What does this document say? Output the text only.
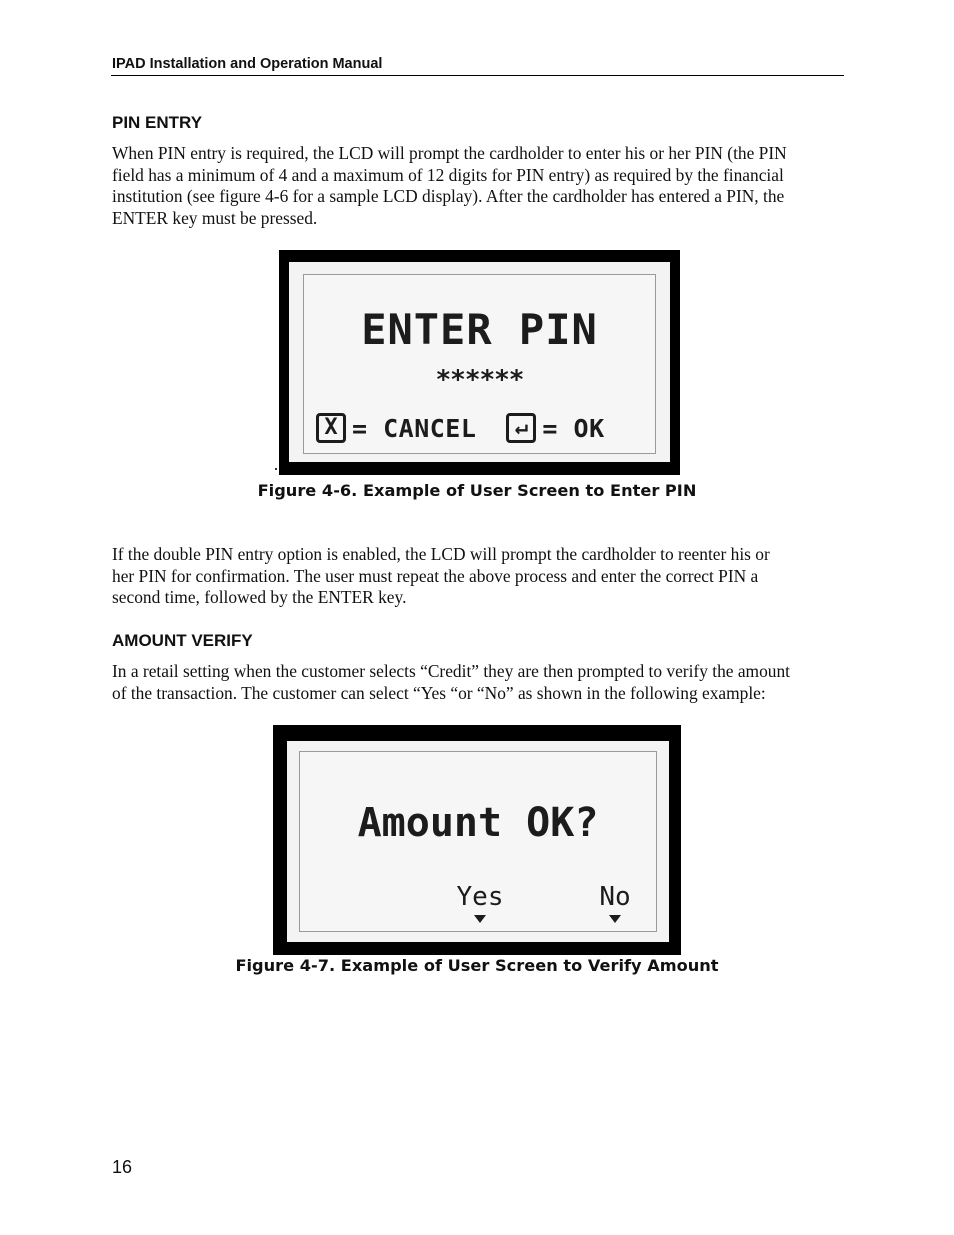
IPAD Installation and Operation Manual
PIN ENTRY

When PIN entry is required, the LCD will prompt the cardholder to enter his or her PIN (the PIN
field has a minimum of 4 and a maximum of 12 digits for PIN entry) as required by the financial
institution (see figure 4-6 for a sample LCD display). After the cardholder has entered a PIN, the
ENTER key must be pressed.

ENTER PIN
******
X = CANCEL	↵ = OK

Figure 4-6. Example of User Screen to Enter PIN

If the double PIN entry option is enabled, the LCD will prompt the cardholder to reenter his or
her PIN for confirmation. The user must repeat the above process and enter the correct PIN a
second time, followed by the ENTER key.

AMOUNT VERIFY

In a retail setting when the customer selects “Credit” they are then prompted to verify the amount
of the transaction. The customer can select “Yes “or “No” as shown in the following example:

Amount OK?
Yes	No

Figure 4-7. Example of User Screen to Verify Amount

16
